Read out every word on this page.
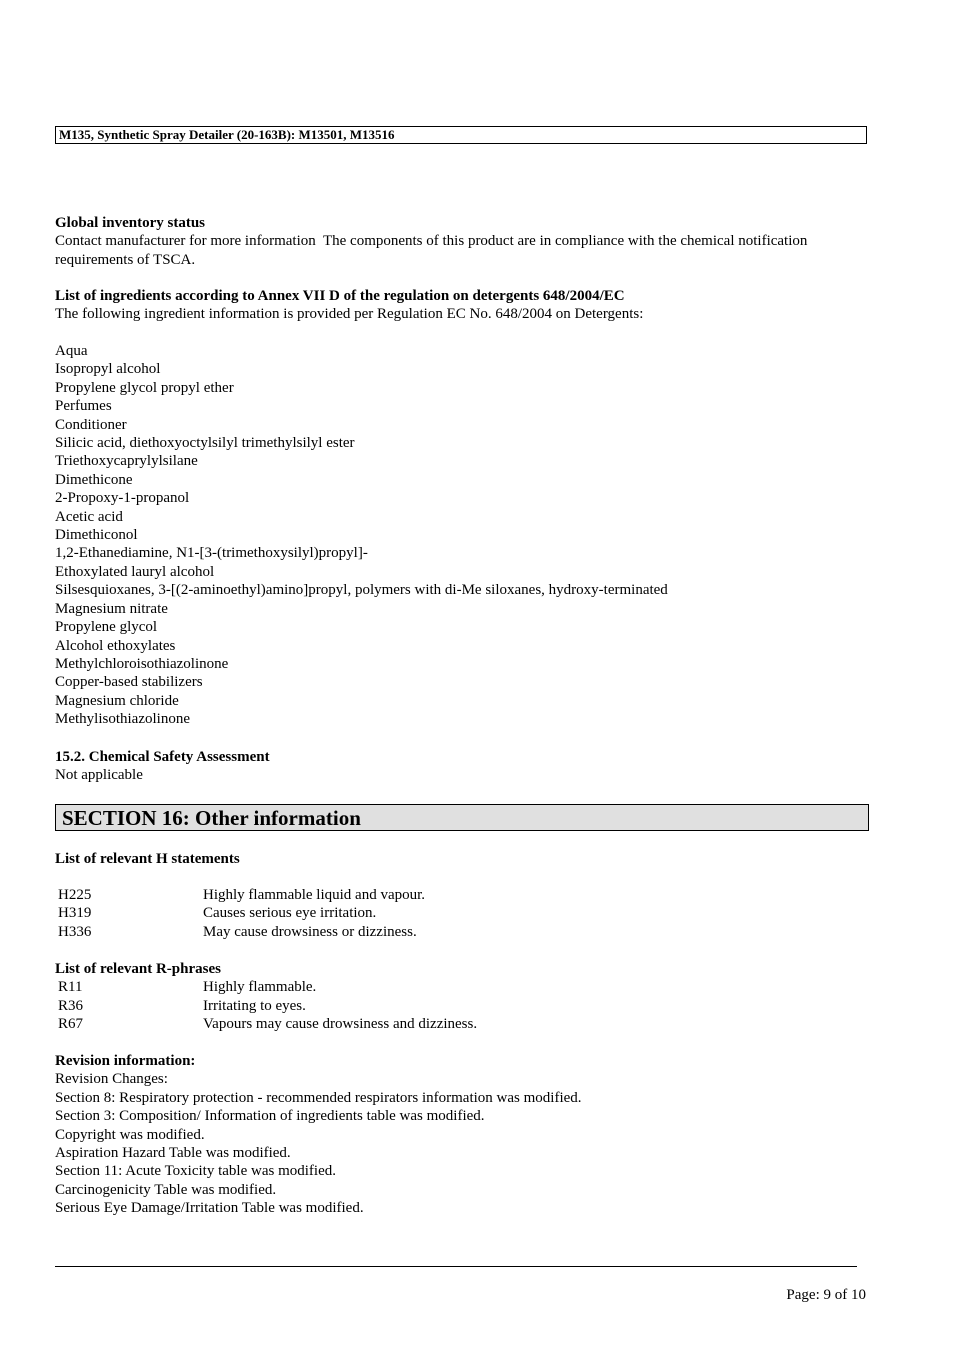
M135, Synthetic Spray Detailer (20-163B): M13501, M13516
Global inventory status
Contact manufacturer for more information  The components of this product are in compliance with the chemical notification requirements of TSCA.
List of ingredients according to Annex VII D of the regulation on detergents 648/2004/EC
The following ingredient information is provided per Regulation EC No. 648/2004 on Detergents:
Aqua
Isopropyl alcohol
Propylene glycol propyl ether
Perfumes
Conditioner
Silicic acid, diethoxyoctylsilyl trimethylsilyl ester
Triethoxycaprylylsilane
Dimethicone
2-Propoxy-1-propanol
Acetic acid
Dimethiconol
1,2-Ethanediamine, N1-[3-(trimethoxysilyl)propyl]-
Ethoxylated lauryl alcohol
Silsesquioxanes, 3-[(2-aminoethyl)amino]propyl, polymers with di-Me siloxanes, hydroxy-terminated
Magnesium nitrate
Propylene glycol
Alcohol ethoxylates
Methylchloroisothiazolinone
Copper-based stabilizers
Magnesium chloride
Methylisothiazolinone
15.2. Chemical Safety Assessment
Not applicable
SECTION 16: Other information
List of relevant H statements
H225	Highly flammable liquid and vapour.
H319	Causes serious eye irritation.
H336	May cause drowsiness or dizziness.
List of relevant R-phrases
R11	Highly flammable.
R36	Irritating to eyes.
R67	Vapours may cause drowsiness and dizziness.
Revision information:
Revision Changes:
Section 8: Respiratory protection - recommended respirators information was modified.
Section 3: Composition/ Information of ingredients table was modified.
Copyright was modified.
Aspiration Hazard Table was modified.
Section 11: Acute Toxicity table was modified.
Carcinogenicity Table was modified.
Serious Eye Damage/Irritation Table was modified.
Page: 9 of 10
